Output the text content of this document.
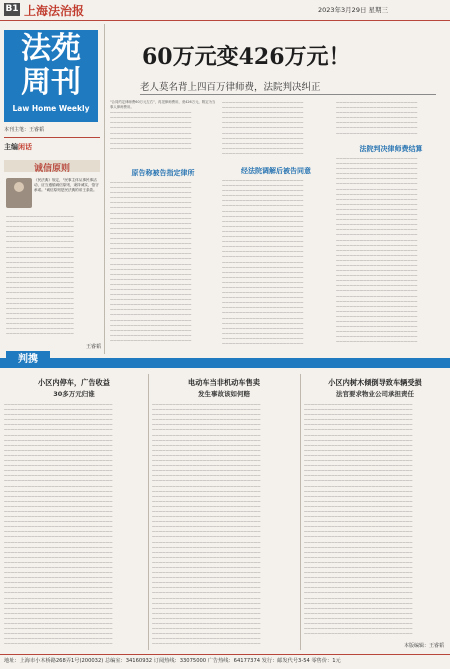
B1 上海法治报	2023年3月29日 星期三
法苑周刊
Law Home Weekly
本刊主笔：王睿韬
主编闲话
诚信原则
《民法典》规定，"民事主体从事民事活动，应当遵循诚信原则，秉持诚实，恪守承诺。"诚信原则是民法典的帝王条款。
————————————————————
————————————————————
————————————————————
————————————————————
————————————————————
————————————————————
————————————————————
————————————————————
————————————————————
————————————————————
————————————————————
————————————————————
————————————————————
————————————————————
————————————————————
————————————————————
————————————————————
————————————————————
————————————————————
————————————————————
————————————————————
————————————————————
————————————————————
————————————————————
王睿韬
60万元变426万元！
老人莫名背上四百万律师费，法院判决纠正
"合同约定律师费60万元左右"，再见律师费用，竟426万元，吸定为当事人律师费用。
————————————————————————
————————————————————————
————————————————————————
————————————————————————
————————————————————————
————————————————————————
————————————————————————
————————————————————————
原告称被告指定律所
————————————————————————
————————————————————————
————————————————————————
————————————————————————
————————————————————————
————————————————————————
————————————————————————
————————————————————————
————————————————————————
————————————————————————
————————————————————————
————————————————————————
————————————————————————
————————————————————————
————————————————————————
————————————————————————
————————————————————————
————————————————————————
————————————————————————
————————————————————————
————————————————————————
————————————————————————
————————————————————————
————————————————————————
————————————————————————
————————————————————————
————————————————————————
————————————————————————
————————————————————————
————————————————————————
————————————————————————
————————————————————————
————————————————————————
————————————————————————
————————————————————————
————————————————————————
————————————————————————
————————————————————————
————————————————————————
————————————————————————
————————————————————————
————————————————————————
————————————————————————
经法院调解后被告同意
————————————————————————
————————————————————————
————————————————————————
————————————————————————
————————————————————————
————————————————————————
————————————————————————
————————————————————————
————————————————————————
————————————————————————
————————————————————————
————————————————————————
————————————————————————
————————————————————————
————————————————————————
————————————————————————
————————————————————————
————————————————————————
————————————————————————
————————————————————————
————————————————————————
————————————————————————
————————————————————————
————————————————————————
————————————————————————
————————————————————————
————————————————————————
————————————————————————
————————————————————————
————————————————————————
————————————————————————
————————————————————————
————————————————————————
————————————————————————
————————————————————————
————————————————————————
————————————————————————
————————————————————————
————————————————————————
————————————————————————
法院判决律师费结算
————————————————————————
————————————————————————
————————————————————————
————————————————————————
————————————————————————
————————————————————————
————————————————————————
————————————————————————
————————————————————————
————————————————————————
————————————————————————
————————————————————————
————————————————————————
————————————————————————
————————————————————————
————————————————————————
————————————————————————
————————————————————————
————————————————————————
————————————————————————
————————————————————————
————————————————————————
————————————————————————
————————————————————————
————————————————————————
————————————————————————
————————————————————————
————————————————————————
————————————————————————
————————————————————————
————————————————————————
————————————————————————
————————————————————————
————————————————————————
————————————————————————
————————————————————————
————————————————————————
判携
小区内停车，广告收益
30多万元归谁
————————————————————————————————
————————————————————————————————
————————————————————————————————
————————————————————————————————
————————————————————————————————
————————————————————————————————
————————————————————————————————
————————————————————————————————
————————————————————————————————
————————————————————————————————
————————————————————————————————
————————————————————————————————
————————————————————————————————
————————————————————————————————
————————————————————————————————
————————————————————————————————
————————————————————————————————
————————————————————————————————
————————————————————————————————
————————————————————————————————
————————————————————————————————
————————————————————————————————
————————————————————————————————
————————————————————————————————
————————————————————————————————
————————————————————————————————
————————————————————————————————
————————————————————————————————
————————————————————————————————
————————————————————————————————
————————————————————————————————
————————————————————————————————
————————————————————————————————
————————————————————————————————
————————————————————————————————
————————————————————————————————
————————————————————————————————
————————————————————————————————
————————————————————————————————
————————————————————————————————
————————————————————————————————
————————————————————————————————
————————————————————————————————
————————————————————————————————
————————————————————————————————
————————————————————————————————
————————————————————————————————
————————————————————————————————
电动车当非机动车售卖
发生事故该如何赔
————————————————————————————————
————————————————————————————————
————————————————————————————————
————————————————————————————————
————————————————————————————————
————————————————————————————————
————————————————————————————————
————————————————————————————————
————————————————————————————————
————————————————————————————————
————————————————————————————————
————————————————————————————————
————————————————————————————————
————————————————————————————————
————————————————————————————————
————————————————————————————————
————————————————————————————————
————————————————————————————————
————————————————————————————————
————————————————————————————————
————————————————————————————————
————————————————————————————————
————————————————————————————————
————————————————————————————————
————————————————————————————————
————————————————————————————————
————————————————————————————————
————————————————————————————————
————————————————————————————————
————————————————————————————————
————————————————————————————————
————————————————————————————————
————————————————————————————————
————————————————————————————————
————————————————————————————————
————————————————————————————————
————————————————————————————————
————————————————————————————————
————————————————————————————————
————————————————————————————————
————————————————————————————————
————————————————————————————————
————————————————————————————————
————————————————————————————————
————————————————————————————————
————————————————————————————————
————————————————————————————————
————————————————————————————————
小区内树木倾倒导致车辆受损
法官要求物业公司承担责任
————————————————————————————————
————————————————————————————————
————————————————————————————————
————————————————————————————————
————————————————————————————————
————————————————————————————————
————————————————————————————————
————————————————————————————————
————————————————————————————————
————————————————————————————————
————————————————————————————————
————————————————————————————————
————————————————————————————————
————————————————————————————————
————————————————————————————————
————————————————————————————————
————————————————————————————————
————————————————————————————————
————————————————————————————————
————————————————————————————————
————————————————————————————————
————————————————————————————————
————————————————————————————————
————————————————————————————————
————————————————————————————————
————————————————————————————————
————————————————————————————————
————————————————————————————————
————————————————————————————————
————————————————————————————————
————————————————————————————————
————————————————————————————————
————————————————————————————————
————————————————————————————————
————————————————————————————————
————————————————————————————————
————————————————————————————————
————————————————————————————————
————————————————————————————————
————————————————————————————————
————————————————————————————————
————————————————————————————————
————————————————————————————————
————————————————————————————————
————————————————————————————————
————————————————————————————————
本版编辑：王睿韬
地址：上海市小木桥路268弄1号(200032) 总编室：34160932 订阅热线：33075000 广告热线：64177374 发行：邮发代号3-54 零售价：1元
